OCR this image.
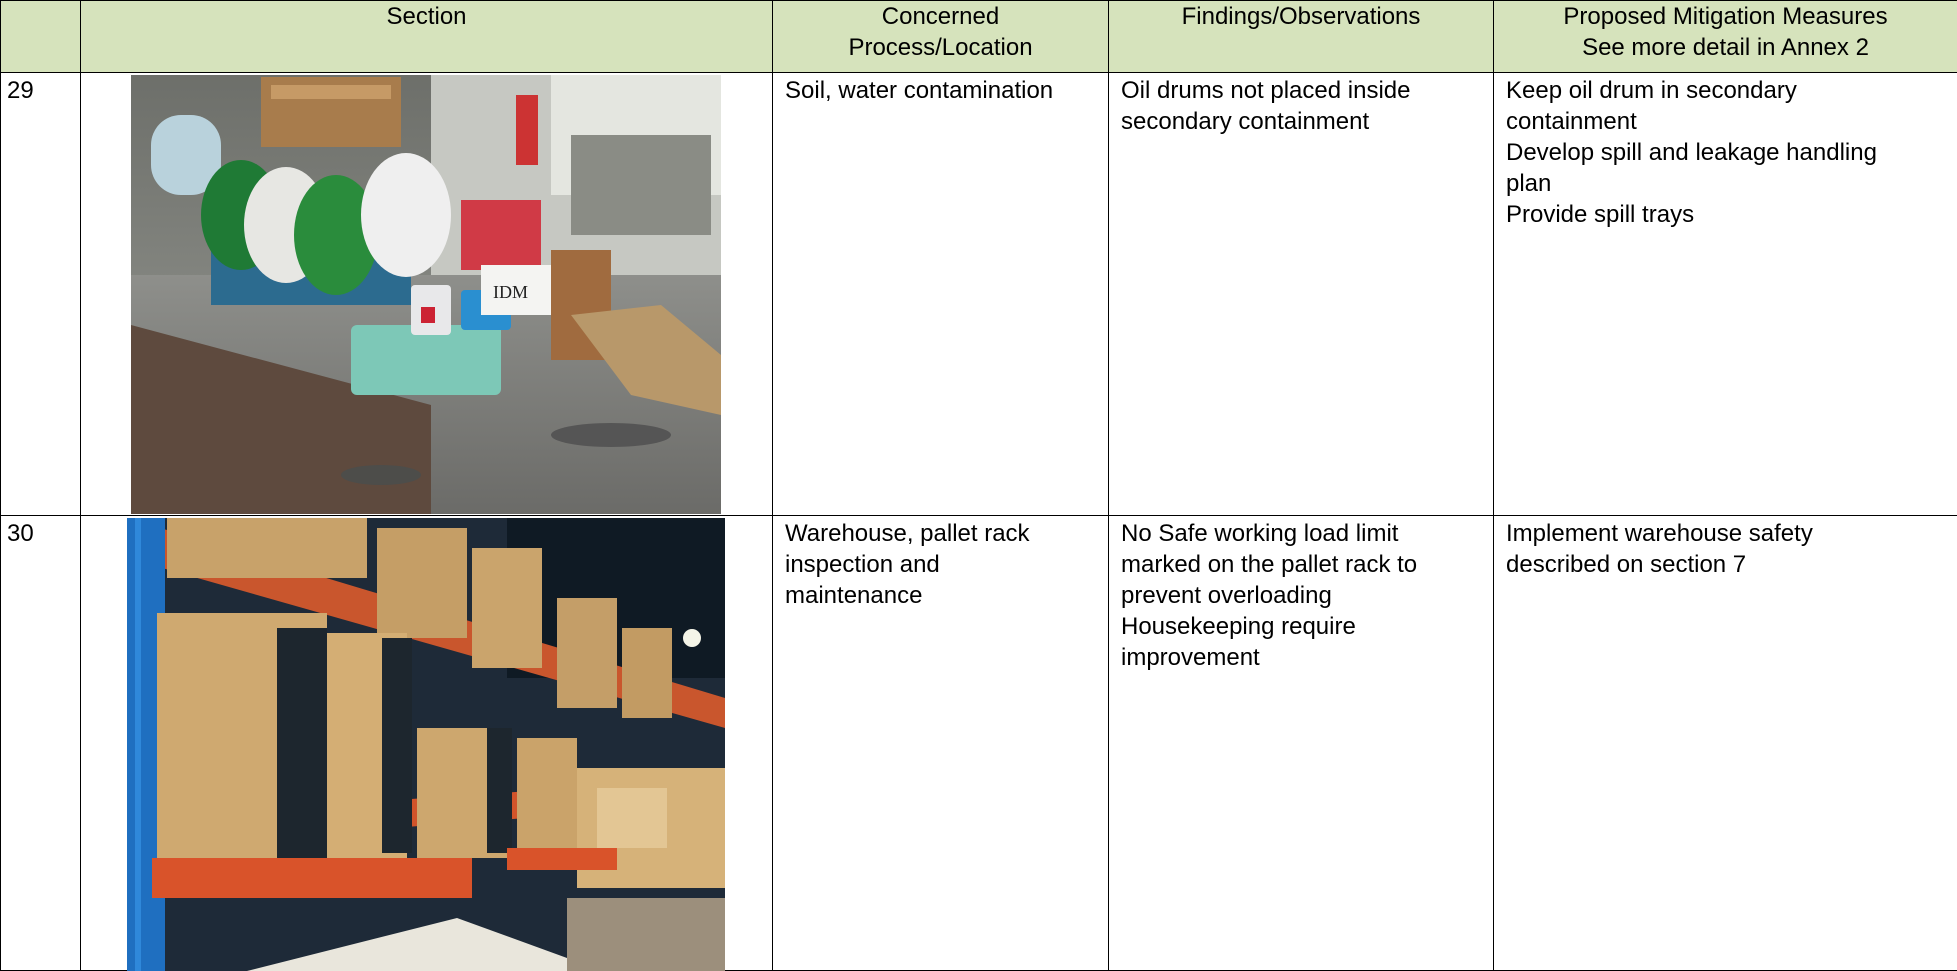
	Section	Concerned
Process/Location	Findings/Observations	Proposed Mitigation Measures
See more detail in Annex 2

29	IDM	Soil, water contamination	Oil drums not placed inside
secondary containment	Keep oil drum in secondary
containment
Develop spill and leakage handling
plan
Provide spill trays

30		Warehouse, pallet rack
inspection and
maintenance	No Safe working load limit
marked on the pallet rack to
prevent overloading
Housekeeping require
improvement	Implement warehouse safety
described on section 7
